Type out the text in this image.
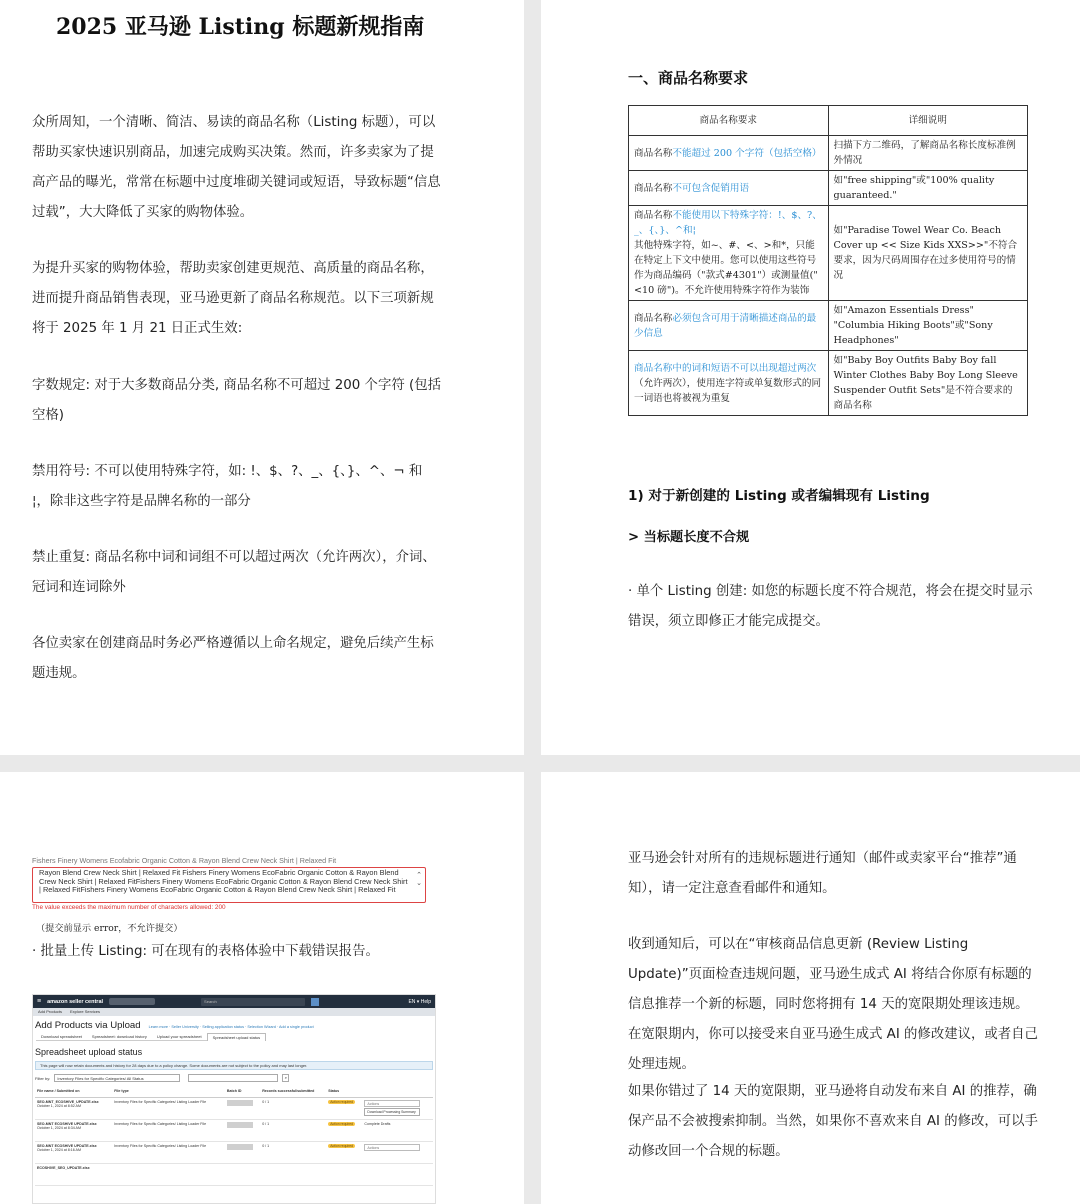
2025 亚马逊 Listing 标题新规指南

众所周知，一个清晰、简洁、易读的商品名称（Listing 标题），可以帮助买家快速识别商品，加速完成购买决策。然而，许多卖家为了提高产品的曝光，常常在标题中过度堆砌关键词或短语，导致标题“信息过载”，大大降低了买家的购物体验。

为提升买家的购物体验，帮助卖家创建更规范、高质量的商品名称，进而提升商品销售表现，亚马逊更新了商品名称规范。以下三项新规将于 2025 年 1 月 21 日正式生效:

字数规定: 对于大多数商品分类, 商品名称不可超过 200 个字符 (包括空格)

禁用符号: 不可以使用特殊字符，如: !、$、?、_、{、}、^、¬ 和 ¦，除非这些字符是品牌名称的一部分

禁止重复: 商品名称中词和词组不可以超过两次（允许两次），介词、冠词和连词除外

各位卖家在创建商品时务必严格遵循以上命名规定，避免后续产生标题违规。

一、商品名称要求
商品名称要求	详细说明
商品名称不能超过 200 个字符（包括空格）	扫描下方二维码，了解商品名称长度标准例外情况
商品名称不可包含促销用语	如"free shipping"或"100% quality guaranteed."
商品名称不能使用以下特殊字符：!、$、?、_、{、}、^和¦
其他特殊字符，如~、#、<、>和*，只能在特定上下文中使用。您可以使用这些符号作为商品编码（"款式#4301"）或测量值("<10 磅")。不允许使用特殊字符作为装饰	如"Paradise Towel Wear Co. Beach Cover up << Size Kids XXS>>"不符合要求，因为尺码周围存在过多使用符号的情况
商品名称必须包含可用于清晰描述商品的最少信息	如"Amazon Essentials Dress" "Columbia Hiking Boots"或"Sony Headphones"
商品名称中的词和短语不可以出现超过两次（允许两次），使用连字符或单复数形式的同一词语也将被视为重复	如"Baby Boy Outfits Baby Boy fall Winter Clothes Baby Boy Long Sleeve Suspender Outfit Sets"是不符合要求的商品名称
1) 对于新创建的 Listing 或者编辑现有 Listing
> 当标题长度不合规

· 单个 Listing 创建: 如您的标题长度不符合规范，将会在提交时显示错误，须立即修正才能完成提交。

Fishers Finery Womens Ecofabric Organic Cotton & Rayon Blend Crew Neck Shirt | Relaxed Fit
Rayon Blend Crew Neck Shirt | Relaxed Fit Fishers Finery Womens EcoFabric Organic Cotton & Rayon Blend Crew Neck Shirt | Relaxed FitFishers Finery Womens EcoFabric Organic Cotton & Rayon Blend Crew Neck Shirt | Relaxed FitFishers Finery Womens EcoFabric Organic Cotton & Rayon Blend Crew Neck Shirt | Relaxed Fit
⌃
⌄
The value exceeds the maximum number of characters allowed: 200
（提交前显示 error，不允许提交）
· 批量上传 Listing: 可在现有的表格体验中下载错误报告。
≡ amazon seller central	Search	EN ▾ Help
Add Products Explore Services
Add Products via Upload Learn more · Seller University · Selling application status · Selection Wizard · Add a single product
Download spreadsheet	Spreadsheet: download history	Upload your spreadsheet	Spreadsheet upload status
Spreadsheet upload status
This page will now retain documents and history for 28 days due to a policy change. Some documents are not subject to the policy and may last longer.
Filter by:	Inventory Files for Specific Categories/ All Status	⌕
File name / Submitted on	File type	Batch ID	Records successful/submitted	Status	

SEO-MNT_ECOSHIVE_UPDATE.xlsx
October 1, 2024 at 8:52 AM	Inventory Files for Specific Categories/ Listing Loader File		0 / 1	Action required	Actions
Download Processing Summary

SEO-MNT ECOSHIVE UPDATE.xlsx
October 1, 2024 at 8:34 AM	Inventory Files for Specific Categories/ Listing Loader File		0 / 1	Action required	Complete Drafts

SEO-MNT ECOSHIVE UPDATE.xlsx
October 1, 2024 at 8:16 AM	Inventory Files for Specific Categories/ Listing Loader File		0 / 1	Action required	Actions

ECOSHIVE_SEO_UPDATE.xlsx					

亚马逊会针对所有的违规标题进行通知（邮件或卖家平台“推荐”通知），请一定注意查看邮件和通知。

收到通知后，可以在“审核商品信息更新 (Review Listing Update)”页面检查违规问题，亚马逊生成式 AI 将结合你原有标题的信息推荐一个新的标题，同时您将拥有 14 天的宽限期处理该违规。在宽限期内，你可以接受来自亚马逊生成式 AI 的修改建议，或者自己处理违规。

如果你错过了 14 天的宽限期，亚马逊将自动发布来自 AI 的推荐，确保产品不会被搜索抑制。当然，如果你不喜欢来自 AI 的修改，可以手动修改回一个合规的标题。
